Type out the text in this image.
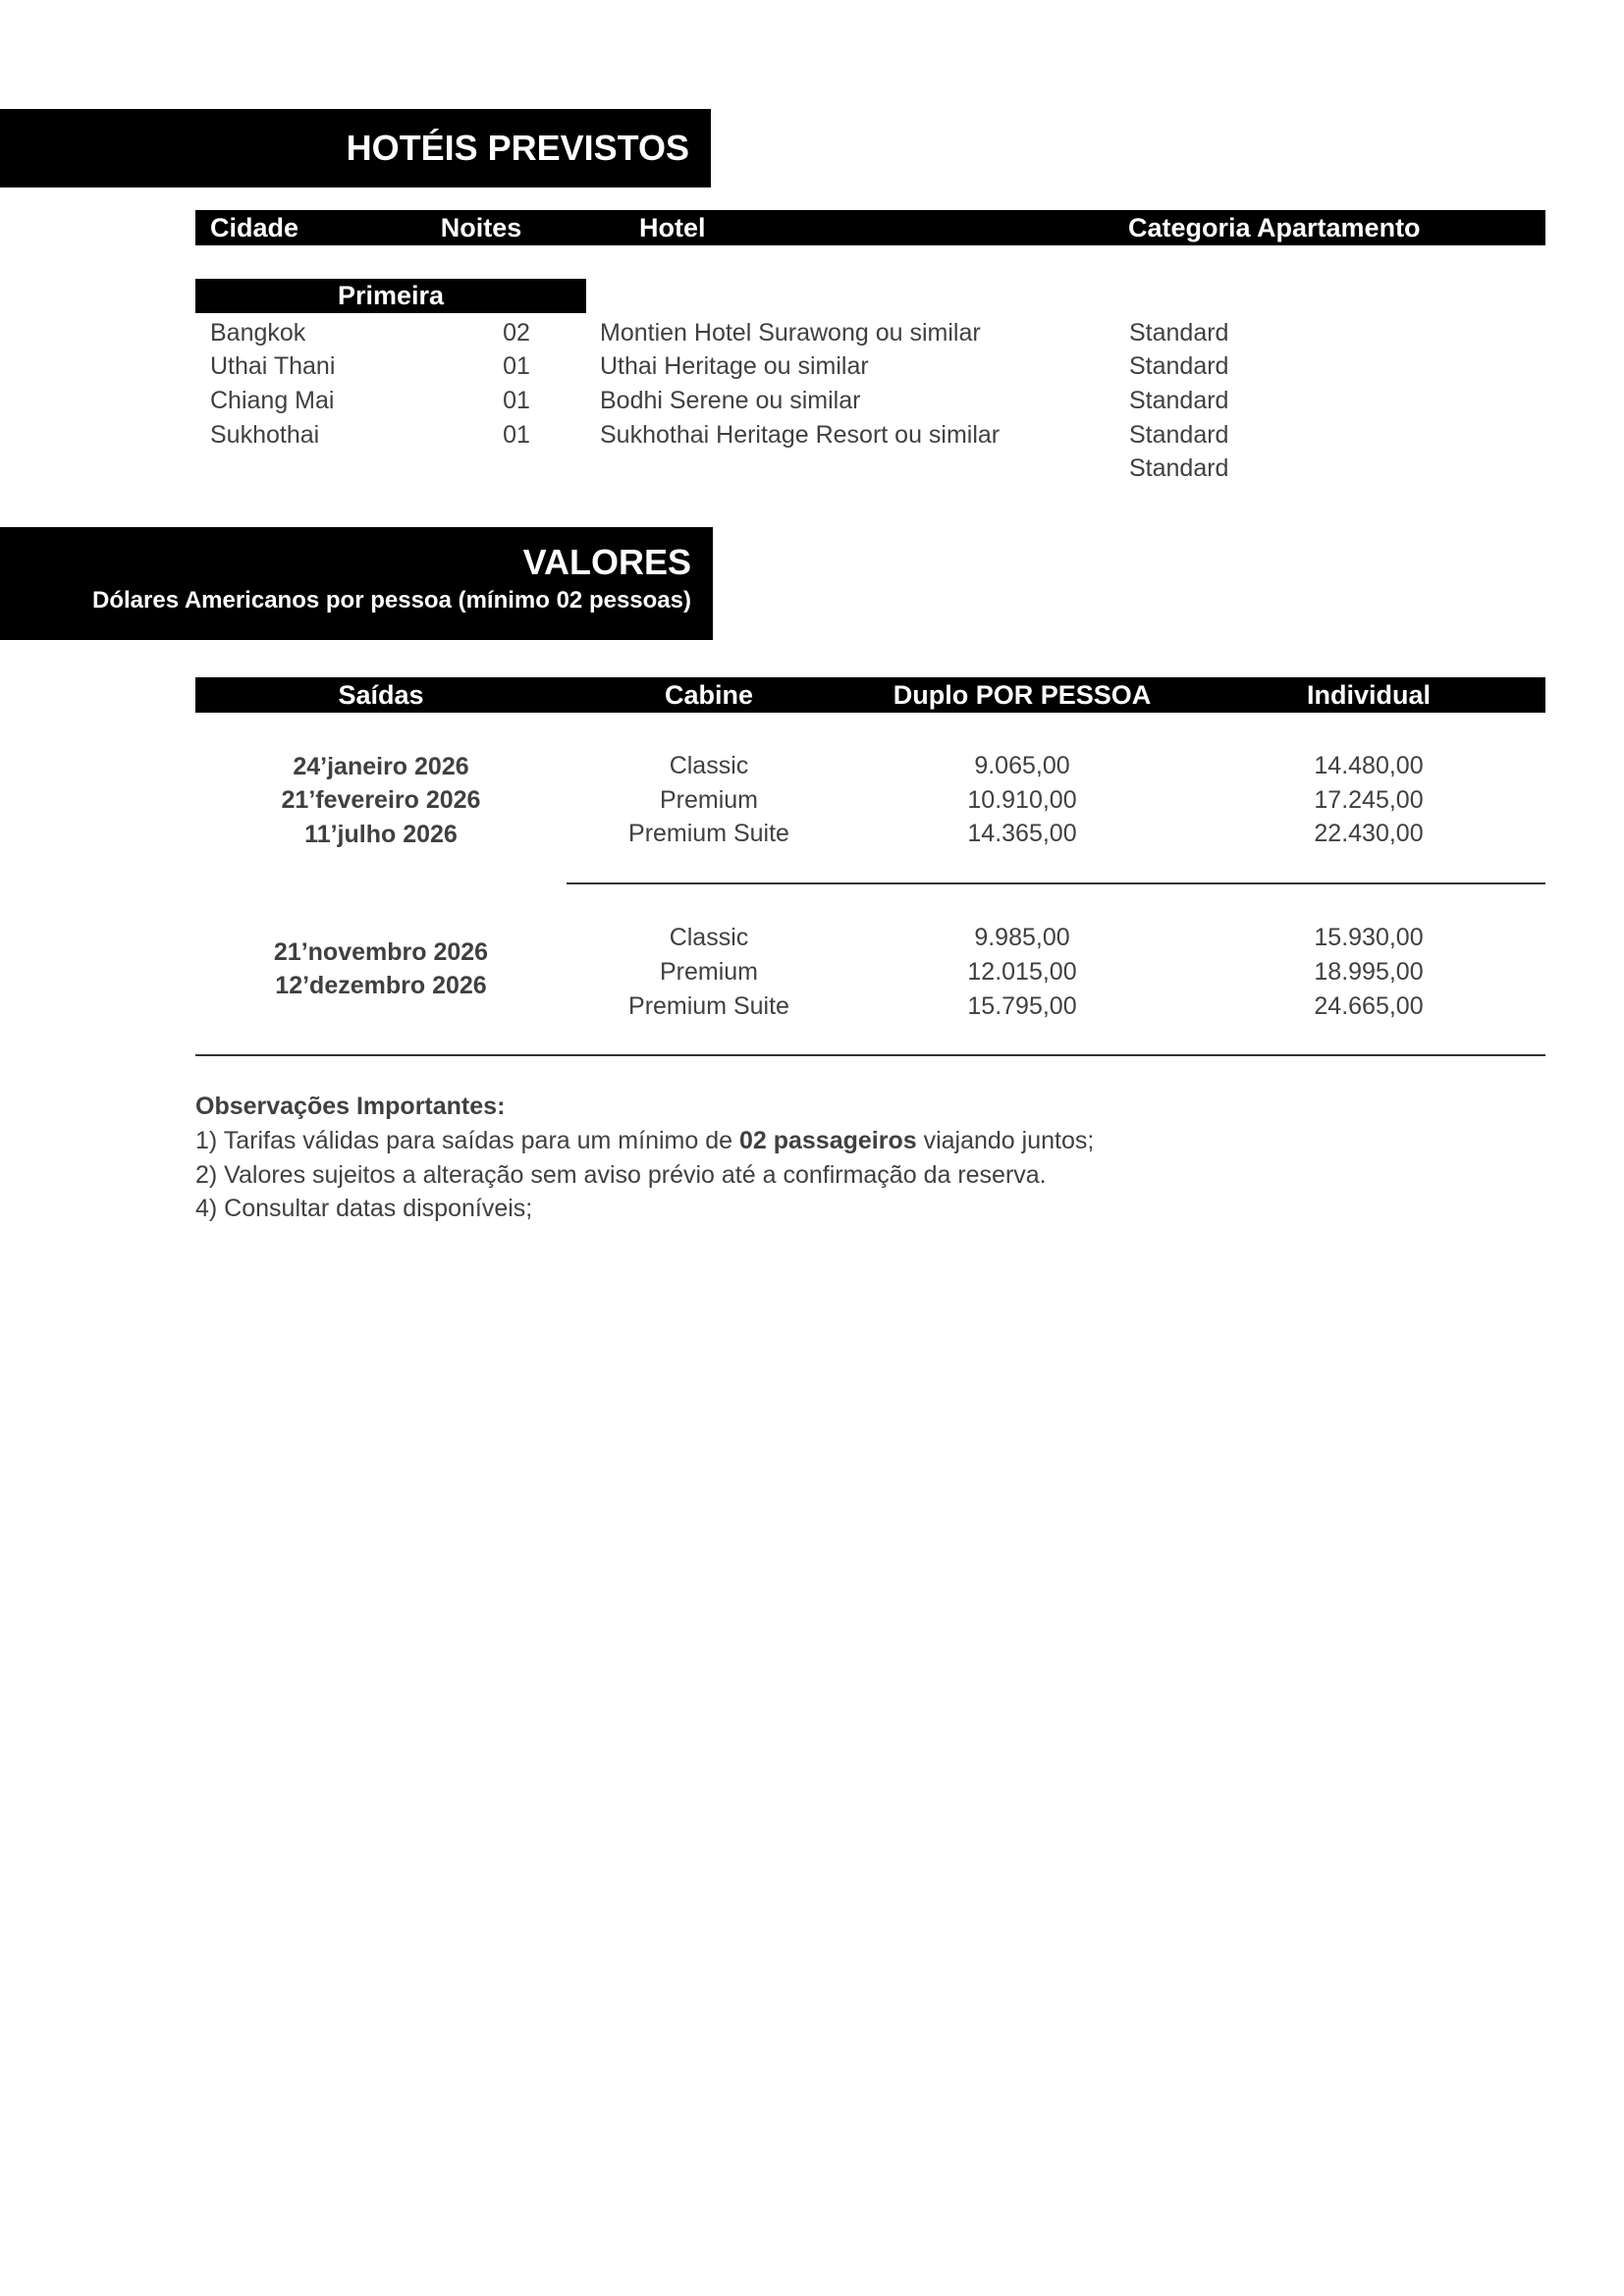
HOTÉIS PREVISTOS
Cidade	Noites	Hotel	Categoria Apartamento
Primeira
Bangkok	02	Montien Hotel Surawong ou similar	Standard
Uthai Thani	01	Uthai Heritage ou similar	Standard
Chiang Mai	01	Bodhi Serene ou similar	Standard
Sukhothai	01	Sukhothai Heritage Resort ou similar	Standard
Standard
VALORES
Dólares Americanos por pessoa (mínimo 02 pessoas)
Saídas	Cabine	Duplo POR PESSOA	Individual
24’janeiro 2026
21’fevereiro 2026
11’julho 2026
Classic	9.065,00	14.480,00
Premium	10.910,00	17.245,00
Premium Suite	14.365,00	22.430,00
21’novembro 2026
12’dezembro 2026
Classic	9.985,00	15.930,00
Premium	12.015,00	18.995,00
Premium Suite	15.795,00	24.665,00
Observações Importantes:
1) Tarifas válidas para saídas para um mínimo de 02 passageiros viajando juntos;
2) Valores sujeitos a alteração sem aviso prévio até a confirmação da reserva.
4) Consultar datas disponíveis;
